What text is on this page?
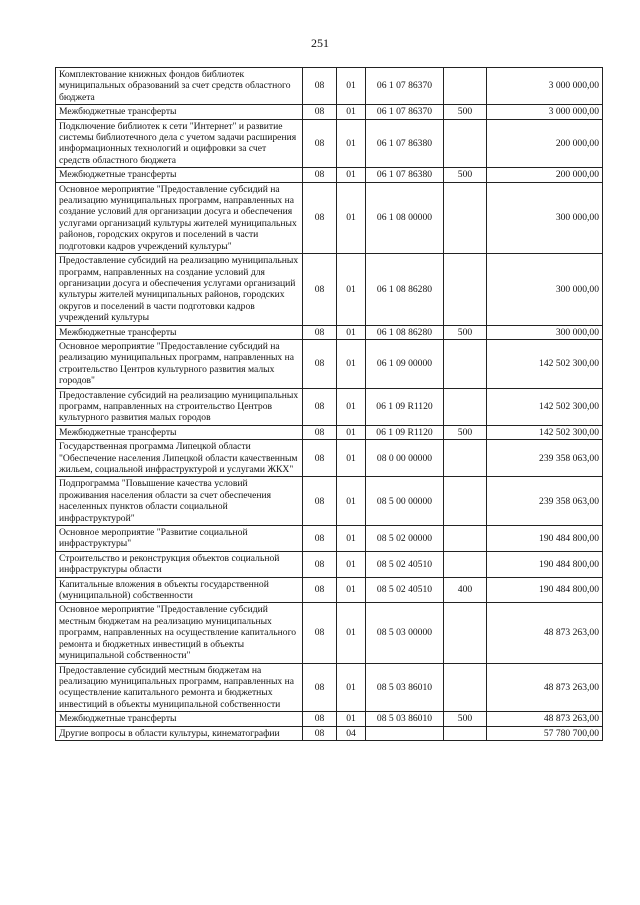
251
Комплектование книжных фондов библиотек муниципальных образований за счет средств областного бюджета	08	01	06 1 07 86370		3 000 000,00
Межбюджетные трансферты	08	01	06 1 07 86370	500	3 000 000,00
Подключение библиотек к сети "Интернет" и развитие системы библиотечного дела с учетом задачи расширения информационных технологий и оцифровки за счет средств областного бюджета	08	01	06 1 07 86380		200 000,00
Межбюджетные трансферты	08	01	06 1 07 86380	500	200 000,00
Основное мероприятие "Предоставление субсидий на реализацию муниципальных программ, направленных на создание условий для организации досуга и обеспечения услугами организаций культуры жителей муниципальных районов, городских округов и поселений в части подготовки кадров учреждений культуры"	08	01	06 1 08 00000		300 000,00
Предоставление субсидий на реализацию муниципальных программ, направленных на создание условий для организации досуга и обеспечения услугами организаций культуры жителей муниципальных районов, городских округов и поселений в части подготовки кадров учреждений культуры	08	01	06 1 08 86280		300 000,00
Межбюджетные трансферты	08	01	06 1 08 86280	500	300 000,00
Основное мероприятие "Предоставление субсидий на реализацию муниципальных программ, направленных на строительство Центров культурного развития малых городов"	08	01	06 1 09 00000		142 502 300,00
Предоставление субсидий на реализацию муниципальных программ, направленных на строительство Центров культурного развития малых городов	08	01	06 1 09 R1120		142 502 300,00
Межбюджетные трансферты	08	01	06 1 09 R1120	500	142 502 300,00
Государственная программа Липецкой области "Обеспечение населения Липецкой области качественным жильем, социальной инфраструктурой и услугами ЖКХ"	08	01	08 0 00 00000		239 358 063,00
Подпрограмма "Повышение качества условий проживания населения области за счет обеспечения населенных пунктов области социальной инфраструктурой"	08	01	08 5 00 00000		239 358 063,00
Основное мероприятие "Развитие социальной инфраструктуры"	08	01	08 5 02 00000		190 484 800,00
Строительство и реконструкция объектов социальной инфраструктуры области	08	01	08 5 02 40510		190 484 800,00
Капитальные вложения в объекты государственной (муниципальной) собственности	08	01	08 5 02 40510	400	190 484 800,00
Основное мероприятие "Предоставление субсидий местным бюджетам на реализацию муниципальных программ, направленных на осуществление капитального ремонта и бюджетных инвестиций в объекты муниципальной собственности"	08	01	08 5 03 00000		48 873 263,00
Предоставление субсидий местным бюджетам на реализацию муниципальных программ, направленных на осуществление капитального ремонта и бюджетных инвестиций в объекты муниципальной собственности	08	01	08 5 03 86010		48 873 263,00
Межбюджетные трансферты	08	01	08 5 03 86010	500	48 873 263,00
Другие вопросы в области культуры, кинематографии	08	04			57 780 700,00
